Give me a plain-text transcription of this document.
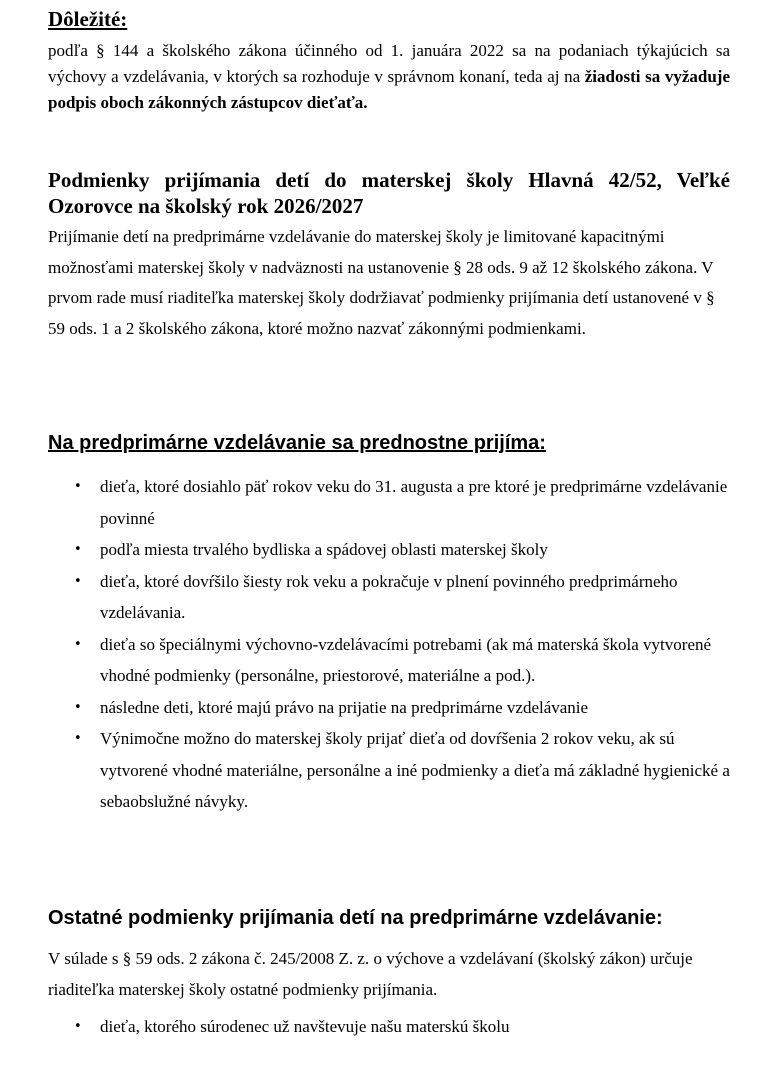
Dôležité:

podľa § 144 a školského zákona účinného od 1. januára 2022 sa na podaniach týkajúcich sa výchovy a vzdelávania, v ktorých sa rozhoduje v správnom konaní, teda aj na žiadosti sa vyžaduje podpis oboch zákonných zástupcov dieťaťa.

Podmienky prijímania detí do materskej školy Hlavná 42/52, Veľké Ozorovce na školský rok 2026/2027

Prijímanie detí na predprimárne vzdelávanie do materskej školy je limitované kapacitnými možnosťami materskej školy v nadväznosti na ustanovenie § 28 ods. 9 až 12 školského zákona. V prvom rade musí riaditeľka materskej školy dodržiavať podmienky prijímania detí ustanovené v § 59 ods. 1 a 2 školského zákona, ktoré možno nazvať zákonnými podmienkami.

Na predprimárne vzdelávanie sa prednostne prijíma:
• dieťa, ktoré dosiahlo päť rokov veku do 31. augusta a pre ktoré je predprimárne vzdelávanie povinné
• podľa miesta trvalého bydliska a spádovej oblasti materskej školy
• dieťa, ktoré dovŕšilo šiesty rok veku a pokračuje v plnení povinného predprimárneho vzdelávania.
• dieťa so špeciálnymi výchovno-vzdelávacími potrebami (ak má materská škola vytvorené vhodné podmienky (personálne, priestorové, materiálne a pod.).
• následne deti, ktoré majú právo na prijatie na predprimárne vzdelávanie
• Výnimočne možno do materskej školy prijať dieťa od dovŕšenia 2 rokov veku, ak sú vytvorené vhodné materiálne, personálne a iné podmienky a dieťa má základné hygienické a sebaobslužné návyky.
Ostatné podmienky prijímania detí na predprimárne vzdelávanie:

V súlade s § 59 ods. 2 zákona č. 245/2008 Z. z. o výchove a vzdelávaní (školský zákon) určuje riaditeľka materskej školy ostatné podmienky prijímania.

• dieťa, ktorého súrodenec už navštevuje našu materskú školu
